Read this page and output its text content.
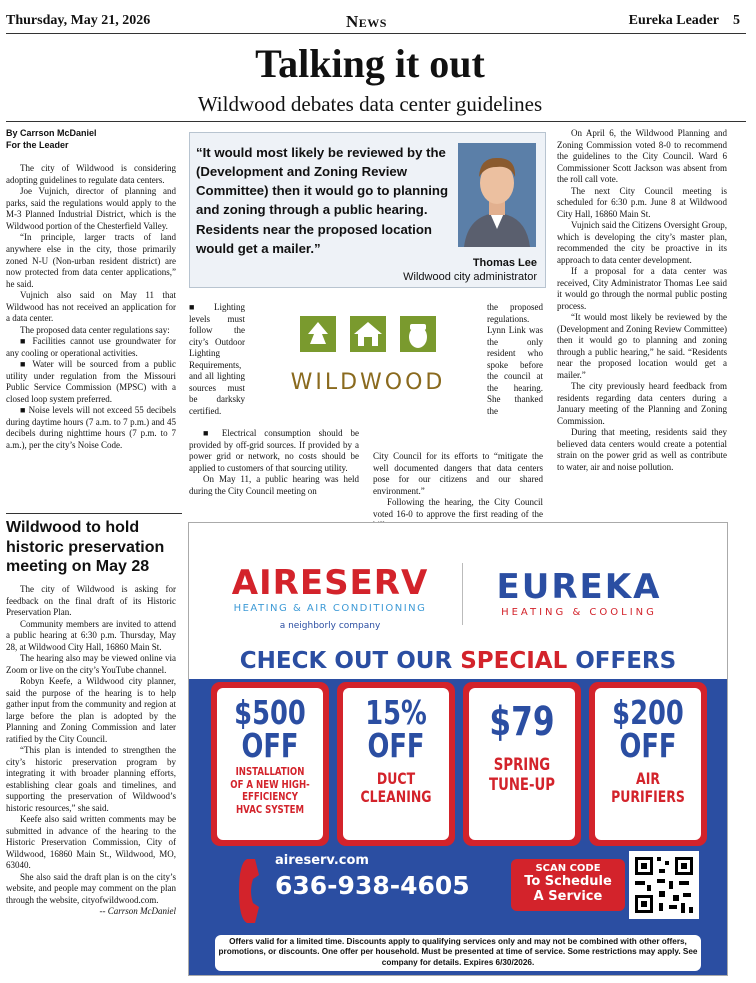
Thursday, May 21, 2026	News	Eureka Leader 5
Talking it out
Wildwood debates data center guidelines
By Carrson McDaniel
For the Leader

The city of Wildwood is considering adopting guidelines to regulate data centers.

Joe Vujnich, director of planning and parks, said the regulations would apply to the M-3 Planned Industrial District, which is the Wildwood portion of the Chesterfield Valley.

“In principle, larger tracts of land anywhere else in the city, those primarily zoned N-U (Non-urban resident district) are now protected from data center applications,” he said.

Vujnich also said on May 11 that Wildwood has not received an application for a data center.

The proposed data center regulations say:

■ Facilities cannot use groundwater for any cooling or operational activities.

■ Water will be sourced from a public utility under regulation from the Missouri Public Service Commission (MPSC) with a closed loop system preferred.

■ Noise levels will not exceed 55 decibels during daytime hours (7 a.m. to 7 p.m.) and 45 decibels during nighttime hours (7 p.m. to 7 a.m.), per the city’s Noise Code.

“It would most likely be reviewed by the (Development and Zoning Review Committee) then it would go to planning and zoning through a public hearing. Residents near the proposed location would get a mailer.”
Thomas Lee
Wildwood city administrator

■ Lighting levels must follow the city’s Outdoor Lighting Requirements, and all lighting sources must be darksky certified.

WILDWOOD

■ Electrical consumption should be provided by off-grid sources. If provided by a power grid or network, no costs should be applied to customers of that sourcing utility.

On May 11, a public hearing was held during the City Council meeting on

the proposed regulations. Lynn Link was the only resident who spoke before the council at the hearing. She thanked the

City Council for its efforts to “mitigate the well documented dangers that data centers pose for our citizens and our shared environment.”

Following the hearing, the City Council voted 16-0 to approve the first reading of the

On April 6, the Wildwood Planning and Zoning Commission voted 8-0 to recommend the guidelines to the City Council. Ward 6 Commissioner Scott Jackson was absent from the roll call vote.

The next City Council meeting is scheduled for 6:30 p.m. June 8 at Wildwood City Hall, 16860 Main St.

Vujnich said the Citizens Oversight Group, which is developing the city’s master plan, recommended the city be proactive in its approach to data center development.

If a proposal for a data center was received, City Administrator Thomas Lee said it would go through the normal public posting process.

“It would most likely be reviewed by the (Development and Zoning Review Committee) then it would go to planning and zoning through a public hearing,” he said. “Residents near the proposed location would get a mailer.”

The city previously heard feedback from residents regarding data centers during a January meeting of the Planning and Zoning Commission.

During that meeting, residents said they believed data centers would create a potential strain on the power grid as well as contribute to water, air and noise pollution.

Wildwood to hold historic preservation meeting on May 28

The city of Wildwood is asking for feedback on the final draft of its Historic Preservation Plan.

Community members are invited to attend a public hearing at 6:30 p.m. Thursday, May 28, at Wildwood City Hall, 16860 Main St.

The hearing also may be viewed online via Zoom or live on the city’s YouTube channel.

Robyn Keefe, a Wildwood city planner, said the purpose of the hearing is to help gather input from the community and region at large before the plan is adopted by the Planning and Zoning Commission and later ratified by the City Council.

“This plan is intended to strengthen the city’s historic preservation program by integrating it with broader planning efforts, establishing clear goals and timelines, and supporting the preservation of Wildwood’s historic resources,” she said.

Keefe also said written comments may be submitted in advance of the hearing to the Historic Preservation Commission, City of Wildwood, 16860 Main St., Wildwood, MO, 63040.

She also said the draft plan is on the city’s website, and people may comment on the plan through the website, cityofwildwood.com.

-- Carrson McDaniel
AIRESERV
HEATING & AIR CONDITIONING
a neighborly company
EUREKA
HEATING & COOLING
CHECK OUT OUR SPECIAL OFFERS
$500
OFF
INSTALLATION OF A NEW HIGH-EFFICIENCY HVAC SYSTEM
15%
OFF
DUCT CLEANING
$79
SPRING TUNE-UP
$200
OFF
AIR PURIFIERS
aireserv.com
636-938-4605
SCAN CODE
To Schedule
A Service
Offers valid for a limited time. Discounts apply to qualifying services only and may not be combined with other offers, promotions, or discounts. One offer per household. Must be presented at time of service. Some restrictions may apply. See company for details. Expires 6/30/2026.
